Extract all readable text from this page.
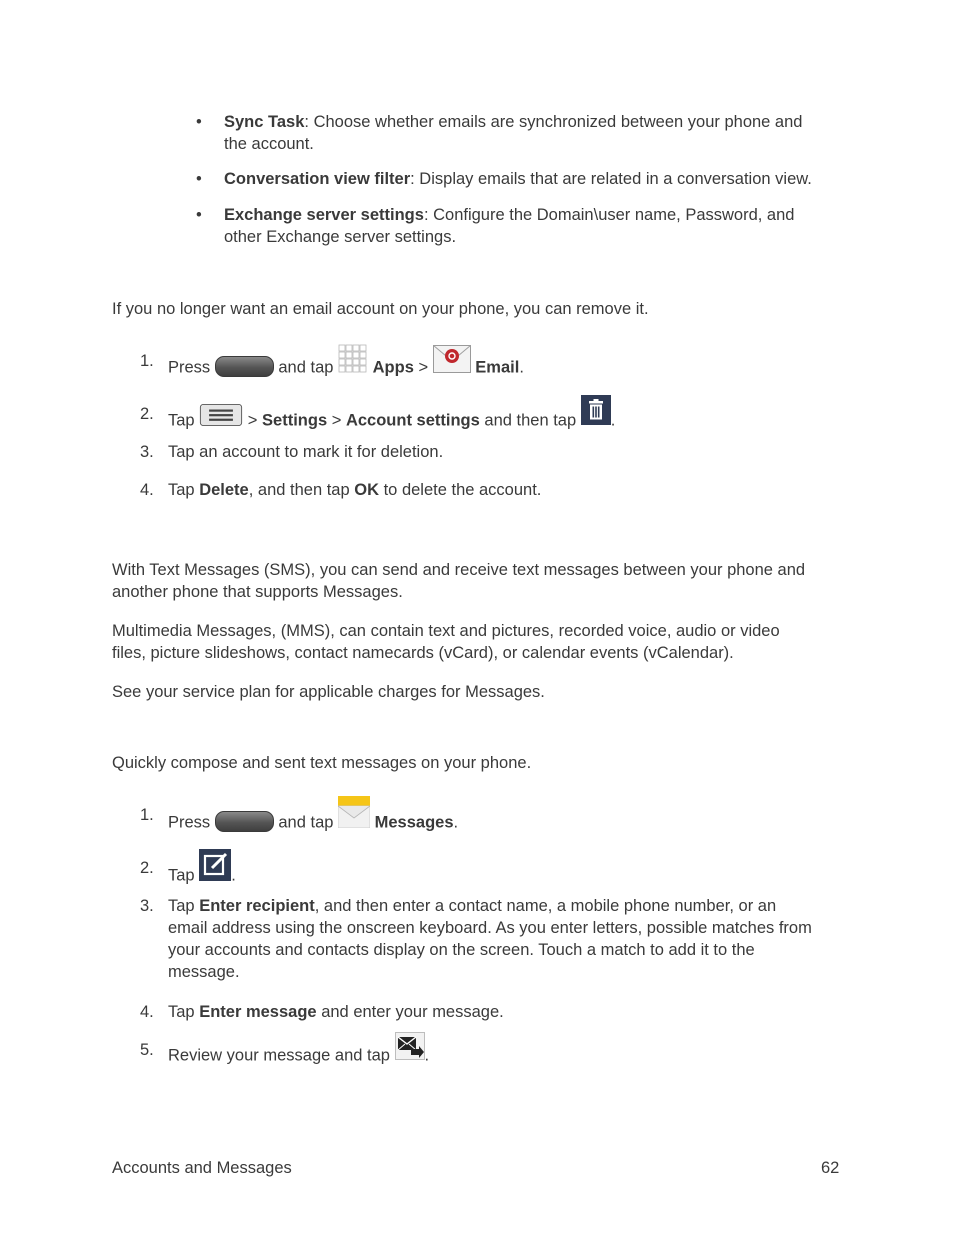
• Sync Task: Choose whether emails are synchronized between your phone and
the account.
• Conversation view filter: Display emails that are related in a conversation view.
• Exchange server settings: Configure the Domain\user name, Password, and
other Exchange server settings.
If you no longer want an email account on your phone, you can remove it.
1. Press	and tap Apps >	Email.
2. Tap	> Settings > Account settings and then tap .
3. Tap an account to mark it for deletion.
4. Tap Delete, and then tap OK to delete the account.
With Text Messages (SMS), you can send and receive text messages between your phone and
another phone that supports Messages.
Multimedia Messages, (MMS), can contain text and pictures, recorded voice, audio or video
files, picture slideshows, contact namecards (vCard), or calendar events (vCalendar).
See your service plan for applicable charges for Messages.
Quickly compose and sent text messages on your phone.
1. Press	and tap Messages.
2. Tap .
3. Tap Enter recipient, and then enter a contact name, a mobile phone number, or an
email address using the onscreen keyboard. As you enter letters, possible matches from
your accounts and contacts display on the screen. Touch a match to add it to the
message.
4. Tap Enter message and enter your message.
5. Review your message and tap .
Accounts and Messages	62
